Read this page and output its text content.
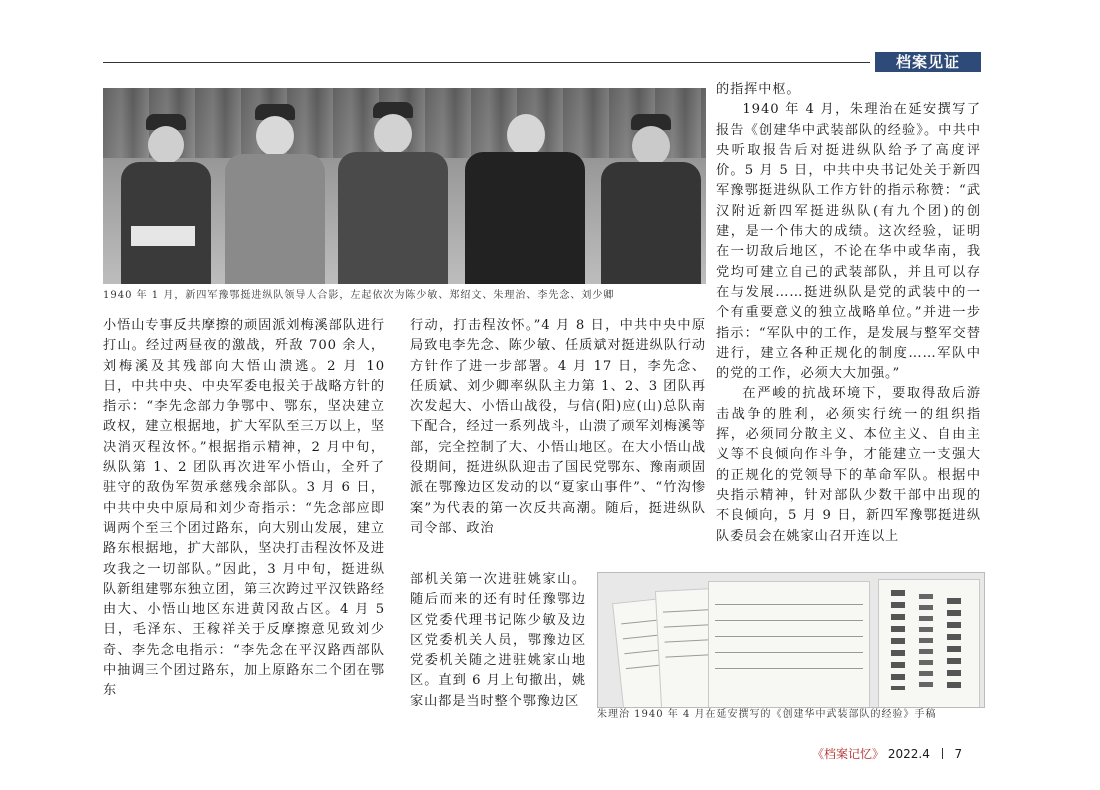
档案见证
1940 年 1 月，新四军豫鄂挺进纵队领导人合影，左起依次为陈少敏、郑绍文、朱理治、李先念、刘少卿

小悟山专事反共摩擦的顽固派刘梅溪部队进行打山。经过两昼夜的激战，歼敌 700 余人，刘梅溪及其残部向大悟山溃逃。2 月 10 日，中共中央、中央军委电报关于战略方针的指示：“李先念部力争鄂中、鄂东，坚决建立政权，建立根据地，扩大军队至三万以上，坚决消灭程汝怀。”根据指示精神，2 月中旬，纵队第 1、2 团队再次进军小悟山，全歼了驻守的敌伪军贺承慈残余部队。3 月 6 日，中共中央中原局和刘少奇指示：“先念部应即调两个至三个团过路东，向大别山发展，建立路东根据地，扩大部队，坚决打击程汝怀及进攻我之一切部队。”因此，3 月中旬，挺进纵队新组建鄂东独立团，第三次跨过平汉铁路经由大、小悟山地区东进黄冈敌占区。4 月 5 日，毛泽东、王稼祥关于反摩擦意见致刘少奇、李先念电指示：“李先念在平汉路西部队中抽调三个团过路东，加上原路东二个团在鄂东

行动，打击程汝怀。”4 月 8 日，中共中央中原局致电李先念、陈少敏、任质斌对挺进纵队行动方针作了进一步部署。4 月 17 日，李先念、任质斌、刘少卿率纵队主力第 1、2、3 团队再次发起大、小悟山战役，与信(阳)应(山)总队南下配合，经过一系列战斗，山溃了顽军刘梅溪等部，完全控制了大、小悟山地区。在大小悟山战役期间，挺进纵队迎击了国民党鄂东、豫南顽固派在鄂豫边区发动的以“夏家山事件”、“竹沟惨案”为代表的第一次反共高潮。随后，挺进纵队司令部、政治

部机关第一次进驻姚家山。随后而来的还有时任豫鄂边区党委代理书记陈少敏及边区党委机关人员，鄂豫边区党委机关随之进驻姚家山地区。直到 6 月上旬撤出，姚家山都是当时整个鄂豫边区

的指挥中枢。

1940 年 4 月，朱理治在延安撰写了报告《创建华中武装部队的经验》。中共中央听取报告后对挺进纵队给予了高度评价。5 月 5 日，中共中央书记处关于新四军豫鄂挺进纵队工作方针的指示称赞：“武汉附近新四军挺进纵队(有九个团)的创建，是一个伟大的成绩。这次经验，证明在一切敌后地区，不论在华中或华南，我党均可建立自己的武装部队，并且可以存在与发展……挺进纵队是党的武装中的一个有重要意义的独立战略单位。”并进一步指示：“军队中的工作，是发展与整军交替进行，建立各种正规化的制度……军队中的党的工作，必须大大加强。”

在严峻的抗战环境下，要取得敌后游击战争的胜利，必须实行统一的组织指挥，必须同分散主义、本位主义、自由主义等不良倾向作斗争，才能建立一支强大的正规化的党领导下的革命军队。根据中央指示精神，针对部队少数干部中出现的不良倾向，5 月 9 日，新四军豫鄂挺进纵队委员会在姚家山召开连以上

朱理治 1940 年 4 月在延安撰写的《创建华中武装部队的经验》手稿
《档案记忆》 2022.4 7
